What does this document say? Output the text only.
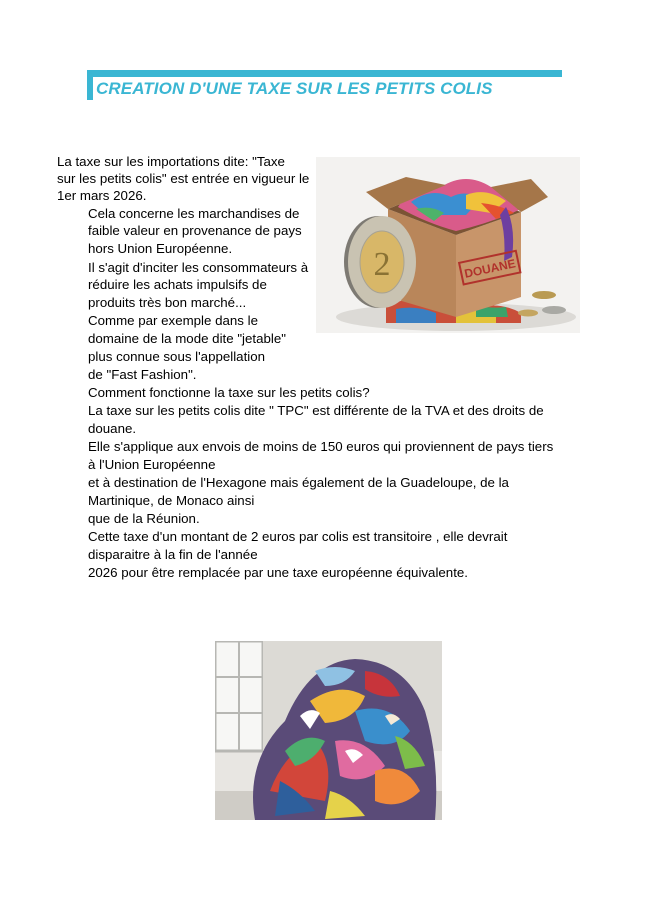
CREATION D'UNE TAXE SUR LES PETITS COLIS
La taxe sur les importations dite: "Taxe
sur les petits colis" est entrée en vigueur le
1er mars 2026.
Cela concerne les marchandises de
faible valeur en provenance de pays
hors Union Européenne.
Il s'agit d'inciter les consommateurs à
réduire les achats impulsifs de
produits très bon marché...
Comme par exemple dans le
domaine de la mode dite "jetable"
plus connue sous l'appellation
de "Fast Fashion".
Comment fonctionne la taxe sur les petits colis?
La taxe sur les petits colis dite " TPC" est différente de la TVA et des droits de
douane.
Elle s'applique aux envois de moins de 150 euros qui proviennent de pays tiers
à l'Union Européenne
et à destination de l'Hexagone mais également de la Guadeloupe, de la
Martinique, de Monaco ainsi
que de la Réunion.
Cette taxe d'un montant de 2 euros par colis est transitoire , elle devrait
disparaitre à la fin de l'année
2026 pour être remplacée par une taxe européenne équivalente.
DOUANE
2
